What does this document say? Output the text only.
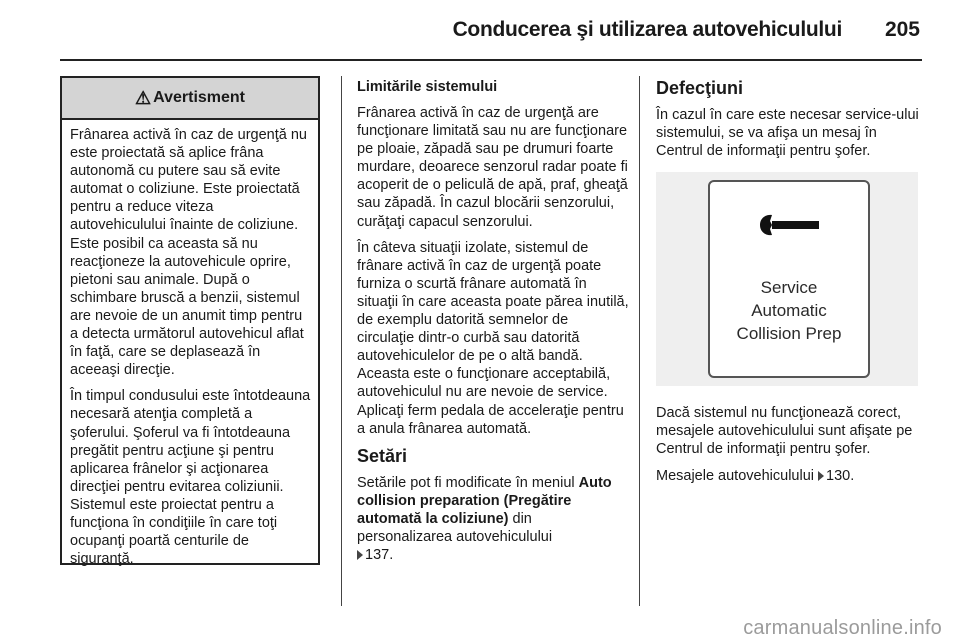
Conducerea şi utilizarea autovehiculului 205
⚠ Avertisment

Frânarea activă în caz de urgenţă nu este proiectată să aplice frâna autonomă cu putere sau să evite automat o coliziune. Este proiectată pentru a reduce viteza autovehiculului înainte de coliziune. Este posibil ca aceasta să nu reacţioneze la autovehicule oprire, pietoni sau animale. După o schimbare bruscă a benzii, sistemul are nevoie de un anumit timp pentru a detecta următorul autovehicul aflat în faţă, care se deplasează în aceeaşi direcţie.

În timpul condusului este întotdeauna necesară atenţia completă a şoferului. Şoferul va fi întotdeauna pregătit pentru acţiune şi pentru aplicarea frânelor şi acţionarea direcţiei pentru evitarea coliziunii. Sistemul este proiectat pentru a funcţiona în condiţiile în care toţi ocupanţi poartă centurile de siguranţă.

Limitările sistemului

Frânarea activă în caz de urgenţă are funcţionare limitată sau nu are funcţionare pe ploaie, zăpadă sau pe drumuri foarte murdare, deoarece senzorul radar poate fi acoperit de o peliculă de apă, praf, gheaţă sau zăpadă. În cazul blocării senzorului, curăţaţi capacul senzorului.

În câteva situaţii izolate, sistemul de frânare activă în caz de urgenţă poate furniza o scurtă frânare automată în situaţii în care aceasta poate părea inutilă, de exemplu datorită semnelor de circulaţie dintr-o curbă sau datorită autovehiculelor de pe o altă bandă. Aceasta este o funcţionare acceptabilă, autovehiculul nu are nevoie de service. Aplicaţi ferm pedala de acceleraţie pentru a anula frânarea automată.

Setări

Setările pot fi modificate în meniul Auto collision preparation (Pregătire automată la coliziune) din personalizarea autovehiculului
137.

Defecţiuni

În cazul în care este necesar service-ului sistemului, se va afişa un mesaj în Centrul de informaţii pentru şofer.

Service
Automatic
Collision Prep

Dacă sistemul nu funcţionează corect, mesajele autovehiculului sunt afişate pe Centrul de informaţii pentru şofer.

Mesajele autovehiculului 130.

carmanualsonline.info
